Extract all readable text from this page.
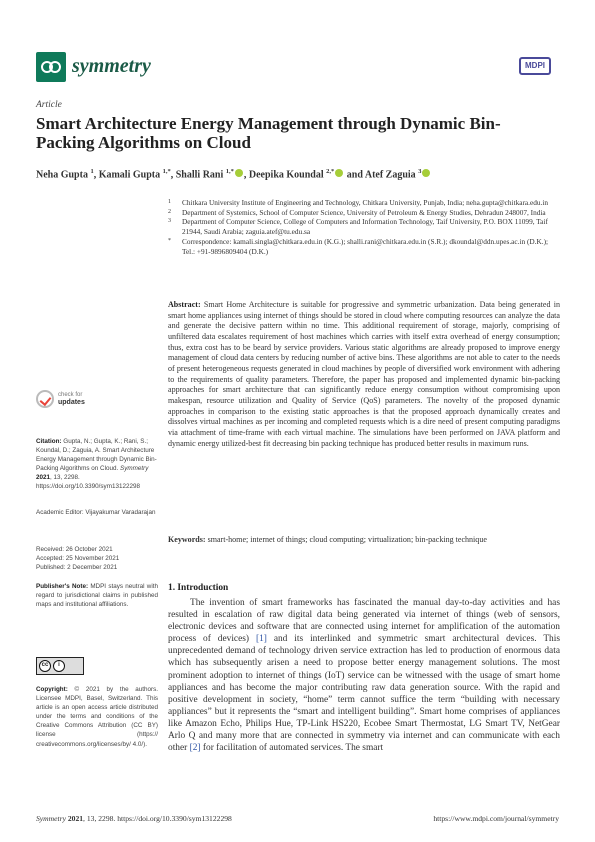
symmetry	MDPI
Article
Smart Architecture Energy Management through Dynamic Bin-Packing Algorithms on Cloud
Neha Gupta $^1$, Kamali Gupta $^{1,*}$, Shalli Rani $^{1,*}$ , Deepika Koundal $^{2,*}$ and Atef Zaguia $^3$
1 Chitkara University Institute of Engineering and Technology, Chitkara University, Punjab, India; neha.gupta@chitkara.edu.in
2 Department of Systemics, School of Computer Science, University of Petroleum & Energy Studies, Dehradun 248007, India
3 Department of Computer Science, College of Computers and Information Technology, Taif University, P.O. BOX 11099, Taif 21944, Saudi Arabia; zaguia.atef@tu.edu.sa
* Correspondence: kamali.singla@chitkara.edu.in (K.G.); shalli.rani@chitkara.edu.in (S.R.); dkoundal@ddn.upes.ac.in (D.K.); Tel.: +91-9896809404 (D.K.)
Abstract: Smart Home Architecture is suitable for progressive and symmetric urbanization. Data being generated in smart home appliances using internet of things should be stored in cloud where computing resources can analyze the data and generate the decisive pattern within no time. This additional requirement of storage, majorly, comprising of unfiltered data escalates requirement of host machines which carries with itself extra overhead of energy consumption; thus, extra cost has to be beard by service providers. Various static algorithms are already proposed to improve energy management of cloud data centers by reducing number of active bins. These algorithms are not able to cater to the needs of present heterogeneous requests generated in cloud machines by people of diversified work environment with adhering to the requirements of quality parameters. Therefore, the paper has proposed and implemented dynamic bin-packing approaches for smart architecture that can significantly reduce energy consumption without compromising upon makespan, resource utilization and Quality of Service (QoS) parameters. The novelty of the proposed dynamic approaches in comparison to the existing static approaches is that the proposed approach dynamically creates and dissolves virtual machines as per incoming and completed requests which is a dire need of present computing paradigms via attachment of time-frame with each virtual machine. The simulations have been performed on JAVA platform and dynamic energy utilized-best fit decreasing bin packing technique has produced better results in maximum runs.
Keywords: smart-home; internet of things; cloud computing; virtualization; bin-packing technique
check for
updates
Citation: Gupta, N.; Gupta, K.; Rani, S.; Koundal, D.; Zaguia, A. Smart Architecture Energy Management through Dynamic Bin-Packing Algorithms on Cloud. Symmetry 2021, 13, 2298. https://doi.org/10.3390/sym13122298
Academic Editor: Vijayakumar Varadarajan
Received: 26 October 2021
Accepted: 25 November 2021
Published: 2 December 2021
Publisher's Note: MDPI stays neutral with regard to jurisdictional claims in published maps and institutional affiliations.
cc	i
Copyright: © 2021 by the authors. Licensee MDPI, Basel, Switzerland. This article is an open access article distributed under the terms and conditions of the Creative Commons Attribution (CC BY) license (https:// creativecommons.org/licenses/by/ 4.0/).
1. Introduction
The invention of smart frameworks has fascinated the manual day-to-day activities and has resulted in escalation of raw digital data being generated via internet of things (web of sensors, electronic devices and software that are connected using internet for amplification of the automation process of devices) [1] and its interlinked and symmetric smart architectural devices. This unprecedented demand of technology driven service extraction has led to production of enormous data which has subsequently arisen a need to propose better energy management solutions. The most prominent adoption to internet of things (IoT) service can be witnessed with the usage of smart home appliances and has become the major contributing raw data generation source. With the rapid and positive development in society, “home” term cannot suffice the term “building with necessary appliances” but it represents the “smart and intelligent building”. Smart home comprises of appliances like Amazon Echo, Philips Hue, TP-Link HS220, Ecobee Smart Thermostat, LG Smart TV, NetGear Arlo Q and many more that are connected in symmetry via internet and can communicate with each other [2] for facilitation of automated services. The smart
Symmetry 2021, 13, 2298. https://doi.org/10.3390/sym13122298	https://www.mdpi.com/journal/symmetry
